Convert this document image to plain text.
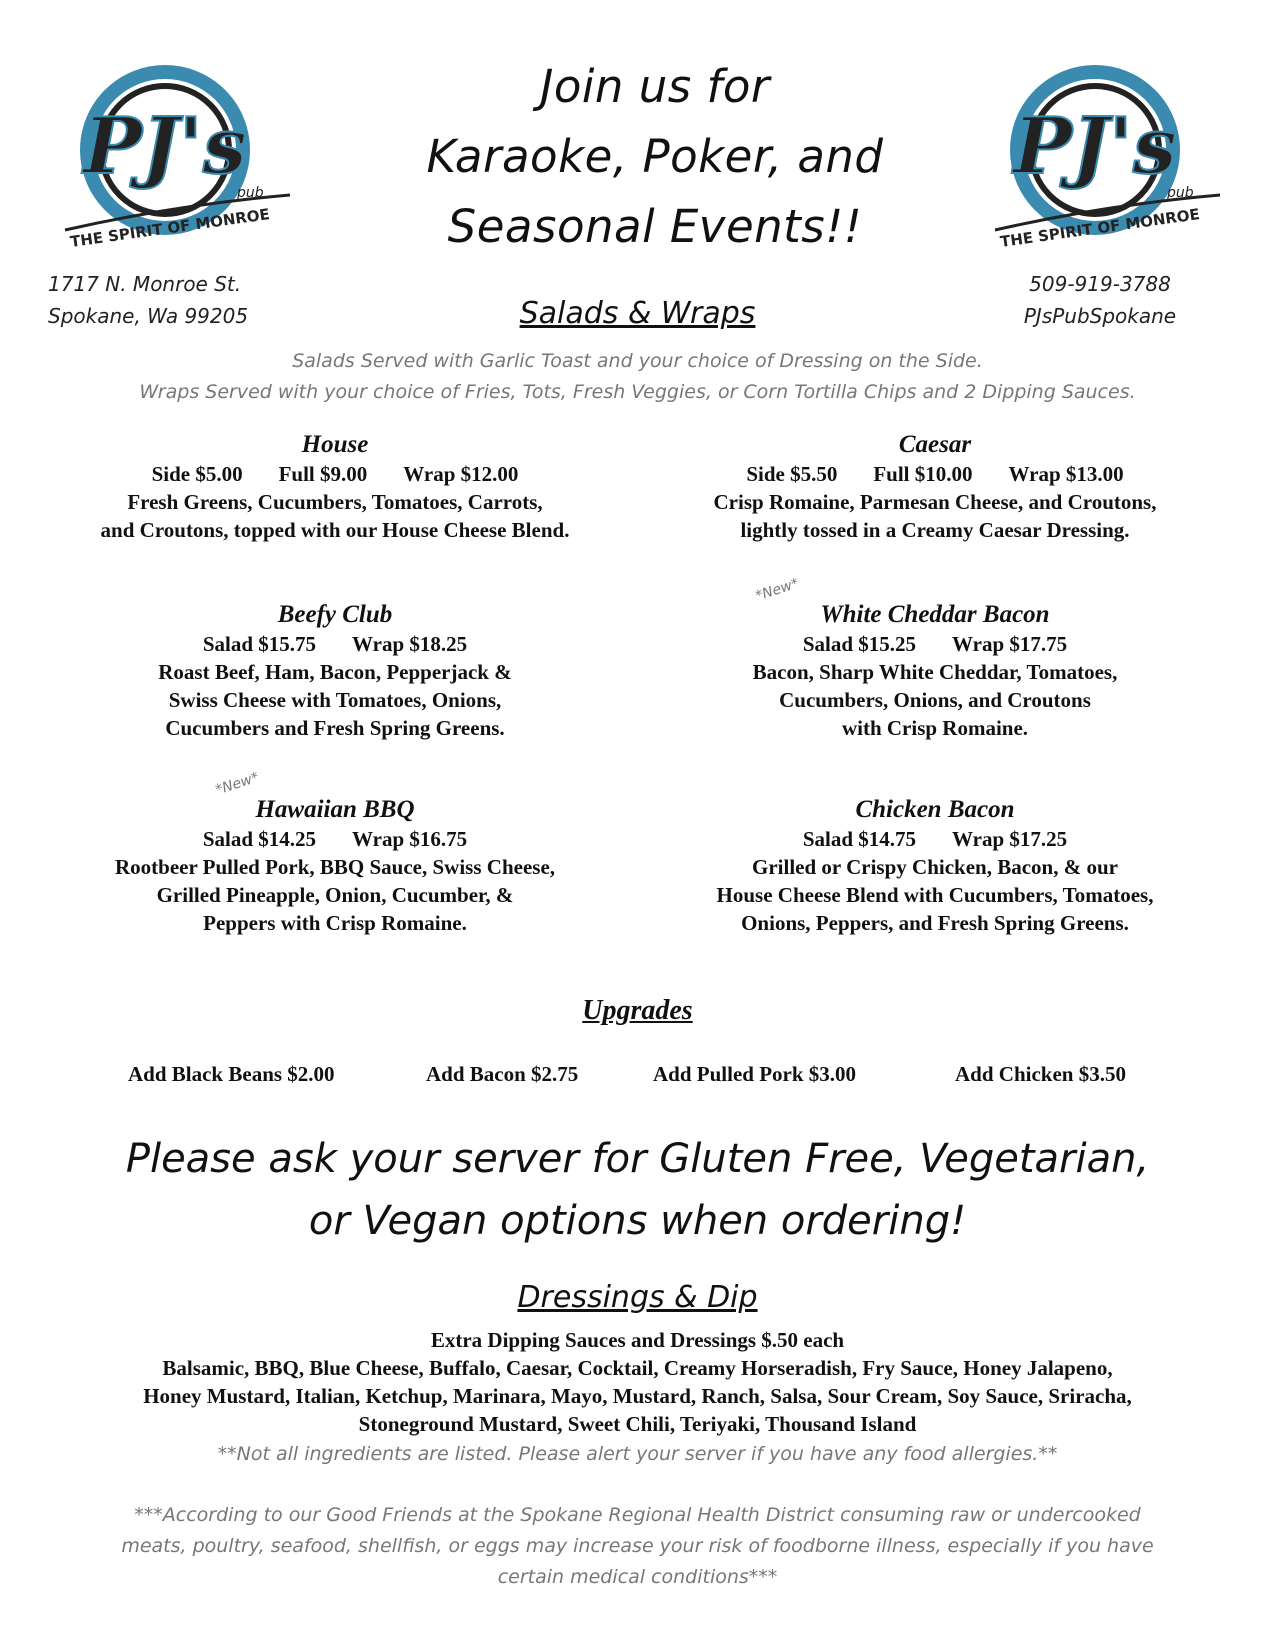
PJ's
pub
THE SPIRIT OF MONROE
PJ's
pub
THE SPIRIT OF MONROE
Join us for
Karaoke, Poker, and
Seasonal Events!!
1717 N. Monroe St.
Spokane, Wa 99205
509-919-3788
PJsPubSpokane
Salads & Wraps
Salads Served with Garlic Toast and your choice of Dressing on the Side.
Wraps Served with your choice of Fries, Tots, Fresh Veggies, or Corn Tortilla Chips and 2 Dipping Sauces.
House
Side $5.00 Full $9.00 Wrap $12.00
Fresh Greens, Cucumbers, Tomatoes, Carrots,
and Croutons, topped with our House Cheese Blend.
Caesar
Side $5.50 Full $10.00 Wrap $13.00
Crisp Romaine, Parmesan Cheese, and Croutons,
lightly tossed in a Creamy Caesar Dressing.
Beefy Club
Salad $15.75 Wrap $18.25
Roast Beef, Ham, Bacon, Pepperjack &
Swiss Cheese with Tomatoes, Onions,
Cucumbers and Fresh Spring Greens.
*New*
White Cheddar Bacon
Salad $15.25 Wrap $17.75
Bacon, Sharp White Cheddar, Tomatoes,
Cucumbers, Onions, and Croutons
with Crisp Romaine.
*New*
Hawaiian BBQ
Salad $14.25 Wrap $16.75
Rootbeer Pulled Pork, BBQ Sauce, Swiss Cheese,
Grilled Pineapple, Onion, Cucumber, &
Peppers with Crisp Romaine.
Chicken Bacon
Salad $14.75 Wrap $17.25
Grilled or Crispy Chicken, Bacon, & our
House Cheese Blend with Cucumbers, Tomatoes,
Onions, Peppers, and Fresh Spring Greens.
Upgrades
Add Black Beans $2.00	Add Bacon $2.75	Add Pulled Pork $3.00	Add Chicken $3.50
Please ask your server for Gluten Free, Vegetarian,
or Vegan options when ordering!
Dressings & Dip
Extra Dipping Sauces and Dressings $.50 each
Balsamic, BBQ, Blue Cheese, Buffalo, Caesar, Cocktail, Creamy Horseradish, Fry Sauce, Honey Jalapeno,
Honey Mustard, Italian, Ketchup, Marinara, Mayo, Mustard, Ranch, Salsa, Sour Cream, Soy Sauce, Sriracha,
Stoneground Mustard, Sweet Chili, Teriyaki, Thousand Island
**Not all ingredients are listed. Please alert your server if you have any food allergies.**
***According to our Good Friends at the Spokane Regional Health District consuming raw or undercooked
meats, poultry, seafood, shellfish, or eggs may increase your risk of foodborne illness, especially if you have
certain medical conditions***
